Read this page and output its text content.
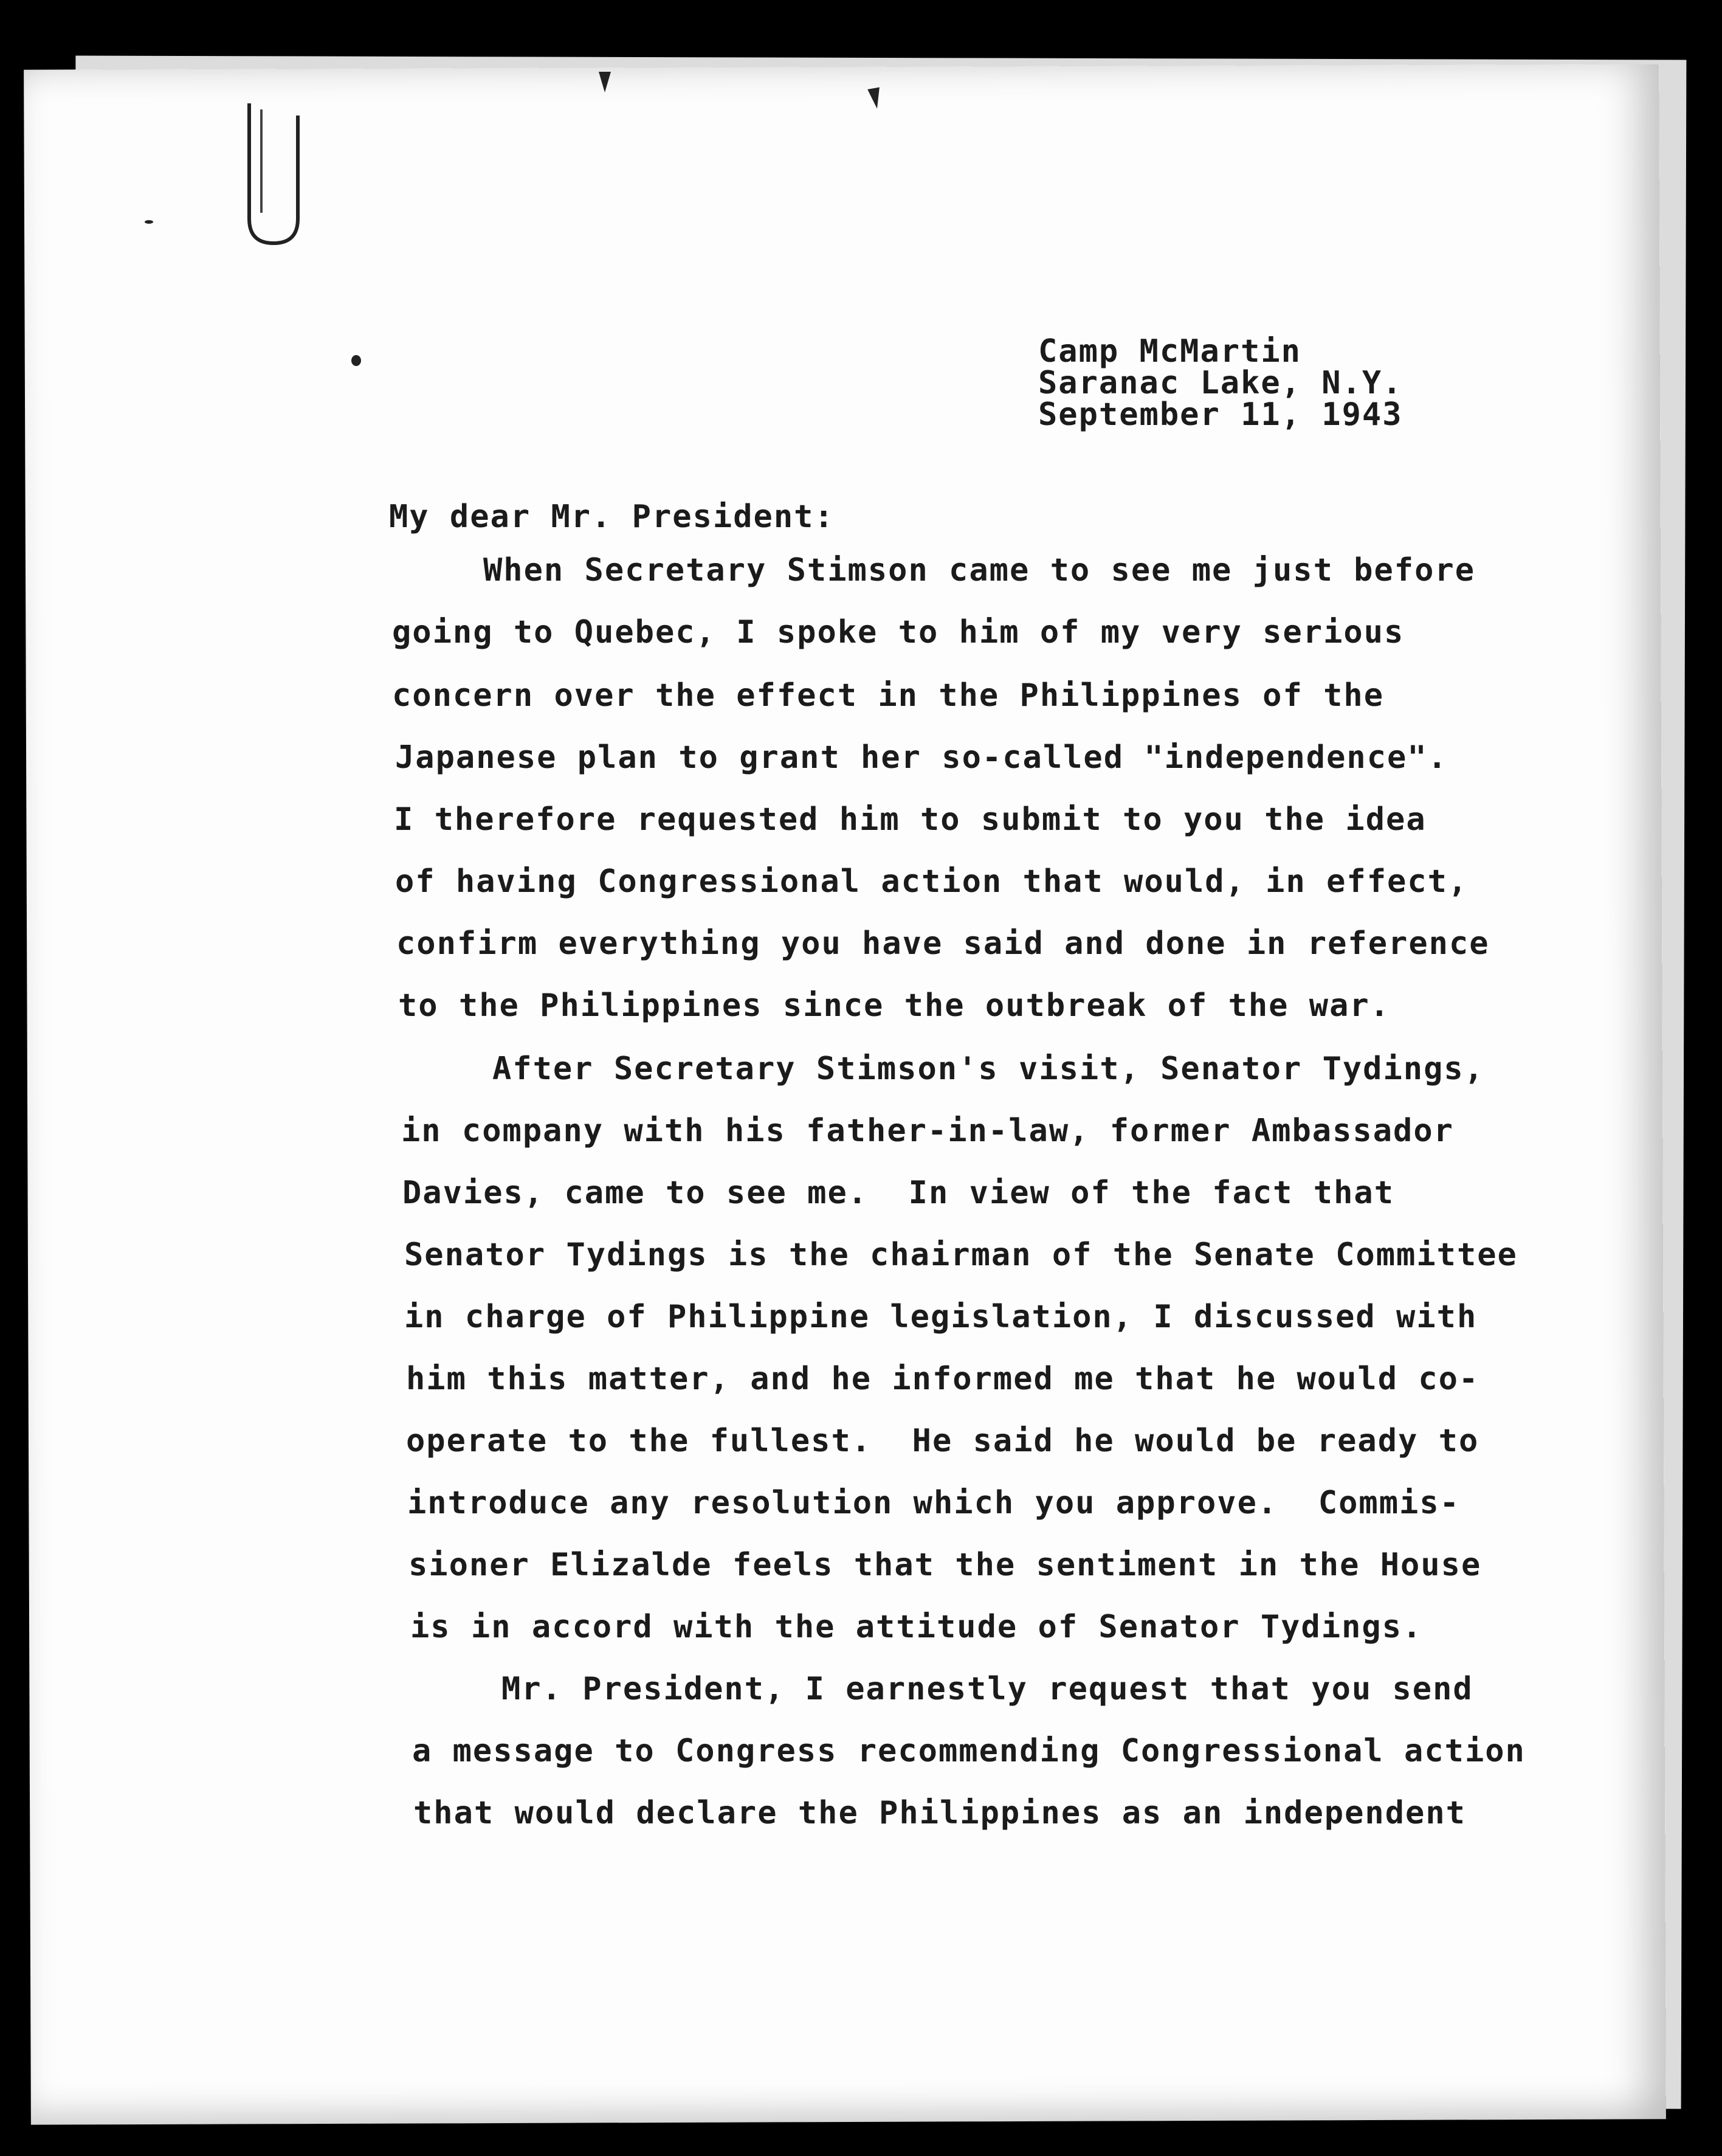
Camp McMartin
Saranac Lake, N.Y.
September 11, 1943
My dear Mr. President:
When Secretary Stimson came to see me just before
going to Quebec, I spoke to him of my very serious
concern over the effect in the Philippines of the
Japanese plan to grant her so-called "independence".
I therefore requested him to submit to you the idea
of having Congressional action that would, in effect,
confirm everything you have said and done in reference
to the Philippines since the outbreak of the war.
After Secretary Stimson's visit, Senator Tydings,
in company with his father-in-law, former Ambassador
Davies, came to see me.  In view of the fact that
Senator Tydings is the chairman of the Senate Committee
in charge of Philippine legislation, I discussed with
him this matter, and he informed me that he would co-
operate to the fullest.  He said he would be ready to
introduce any resolution which you approve.  Commis-
sioner Elizalde feels that the sentiment in the House
is in accord with the attitude of Senator Tydings.
Mr. President, I earnestly request that you send
a message to Congress recommending Congressional action
that would declare the Philippines as an independent
